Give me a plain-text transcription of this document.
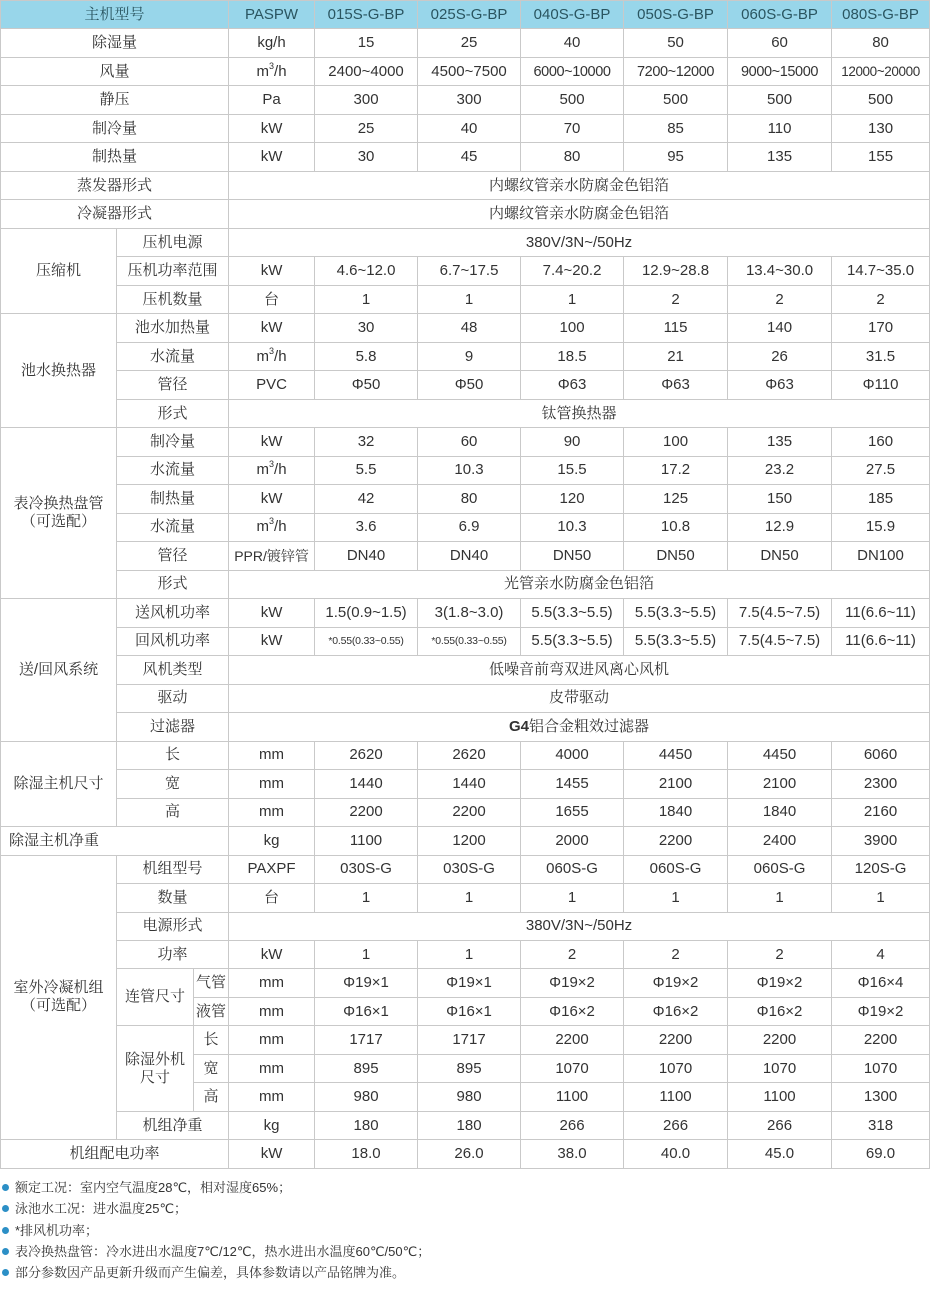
主机型号			PASPW	015S-G-BP	025S-G-BP	040S-G-BP	050S-G-BP	060S-G-BP	080S-G-BP
除湿量			kg/h	15	25	40	50	60	80
风量			$m^3/h$	2400~4000	4500~7500	6000~10000	7200~12000	9000~15000	12000~20000
静压			Pa	300	300	500	500	500	500
制冷量			kW	25	40	70	85	110	130
制热量			kW	30	45	80	95	135	155
蒸发器形式			内螺纹管亲水防腐金色铝箔						
冷凝器形式			内螺纹管亲水防腐金色铝箔						
压缩机	压机电源		380V/3N~/50Hz						
	压机功率范围		kW	4.6~12.0	6.7~17.5	7.4~20.2	12.9~28.8	13.4~30.0	14.7~35.0
	压机数量		台	1	1	1	2	2	2
池水换热器	池水加热量		kW	30	48	100	115	140	170
	水流量		$m^3/h$	5.8	9	18.5	21	26	31.5
	管径		PVC	Φ50	Φ50	Φ63	Φ63	Φ63	Φ110
	形式		钛管换热器						
表冷换热盘管
（可选配）	制冷量		kW	32	60	90	100	135	160
	水流量		$m^3/h$	5.5	10.3	15.5	17.2	23.2	27.5
	制热量		kW	42	80	120	125	150	185
	水流量		$m^3/h$	3.6	6.9	10.3	10.8	12.9	15.9
	管径		PPR/镀锌管	DN40	DN40	DN50	DN50	DN50	DN100
	形式		光管亲水防腐金色铝箔						
送/回风系统	送风机功率		kW	1.5(0.9~1.5)	3(1.8~3.0)	5.5(3.3~5.5)	5.5(3.3~5.5)	7.5(4.5~7.5)	11(6.6~11)
	回风机功率		kW	*0.55(0.33~0.55)	*0.55(0.33~0.55)	5.5(3.3~5.5)	5.5(3.3~5.5)	7.5(4.5~7.5)	11(6.6~11)
	风机类型		低噪音前弯双进风离心风机						
	驱动		皮带驱动						
	过滤器		G4铝合金粗效过滤器						
除湿主机尺寸	长		mm	2620	2620	4000	4450	4450	6060
	宽		mm	1440	1440	1455	2100	2100	2300
	高		mm	2200	2200	1655	1840	1840	2160
除湿主机净重			kg	1100	1200	2000	2200	2400	3900
室外冷凝机组
（可选配）	机组型号		PAXPF	030S-G	030S-G	060S-G	060S-G	060S-G	120S-G
	数量		台	1	1	1	1	1	1
	电源形式		380V/3N~/50Hz						
	功率		kW	1	1	2	2	2	4
	连管尺寸	气管	mm	Φ19×1	Φ19×1	Φ19×2	Φ19×2	Φ19×2	Φ16×4
		液管	mm	Φ16×1	Φ16×1	Φ16×2	Φ16×2	Φ16×2	Φ19×2
	除湿外机
尺寸	长	mm	1717	1717	2200	2200	2200	2200
		宽	mm	895	895	1070	1070	1070	1070
		高	mm	980	980	1100	1100	1100	1300
	机组净重		kg	180	180	266	266	266	318
机组配电功率			kW	18.0	26.0	38.0	40.0	45.0	69.0
额定工况：室内空气温度28℃，相对湿度65%；
泳池水工况：进水温度25℃；
*排风机功率；
表冷换热盘管：冷水进出水温度7℃/12℃，热水进出水温度60℃/50℃；
部分参数因产品更新升级而产生偏差，具体参数请以产品铭牌为准。
